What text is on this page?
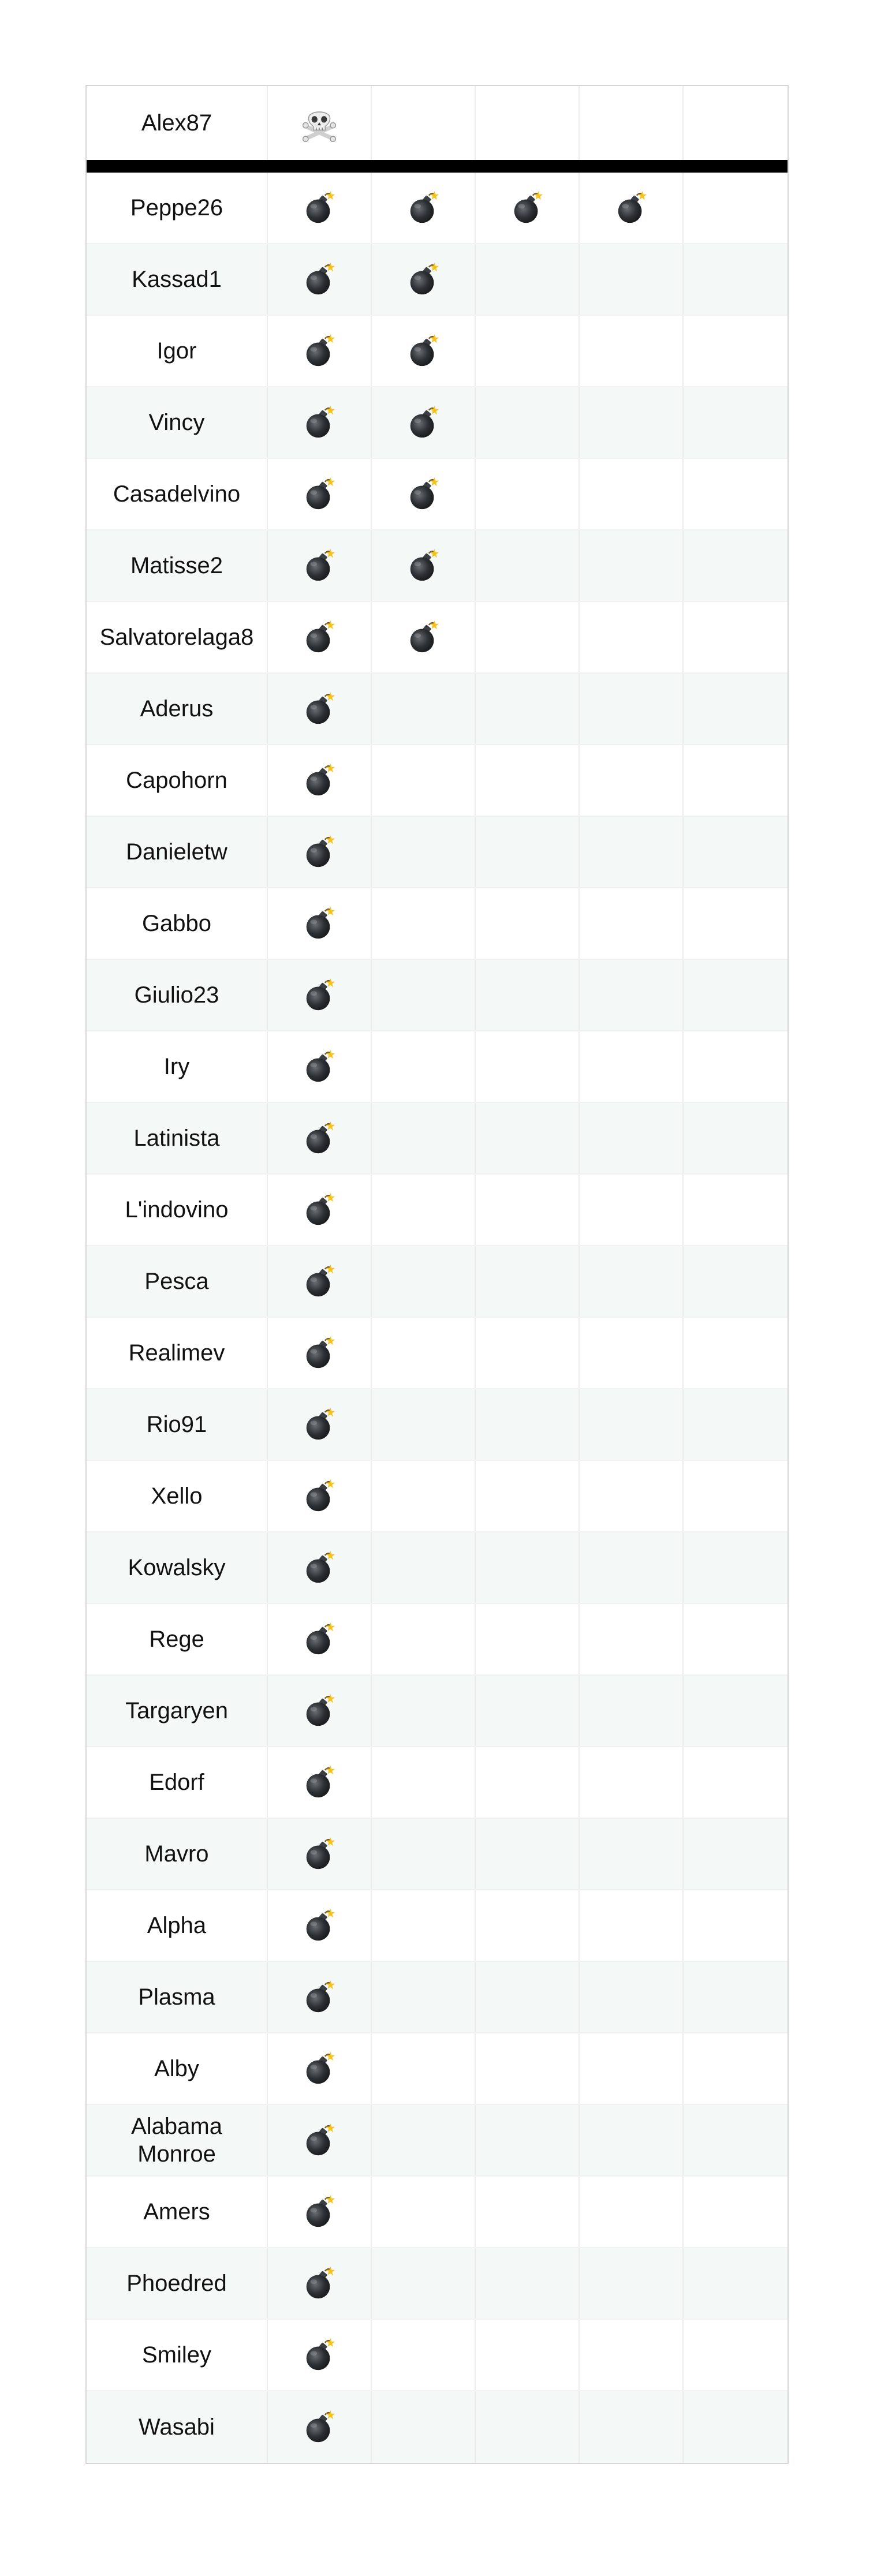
Alex87
Peppe26
Kassad1
Igor
Vincy
Casadelvino
Matisse2
Salvatorelaga8
Aderus
Capohorn
Danieletw
Gabbo
Giulio23
Iry
Latinista
L'indovino
Pesca
Realimev
Rio91
Xello
Kowalsky
Rege
Targaryen
Edorf
Mavro
Alpha
Plasma
Alby
Alabama Monroe
Amers
Phoedred
Smiley
Wasabi
